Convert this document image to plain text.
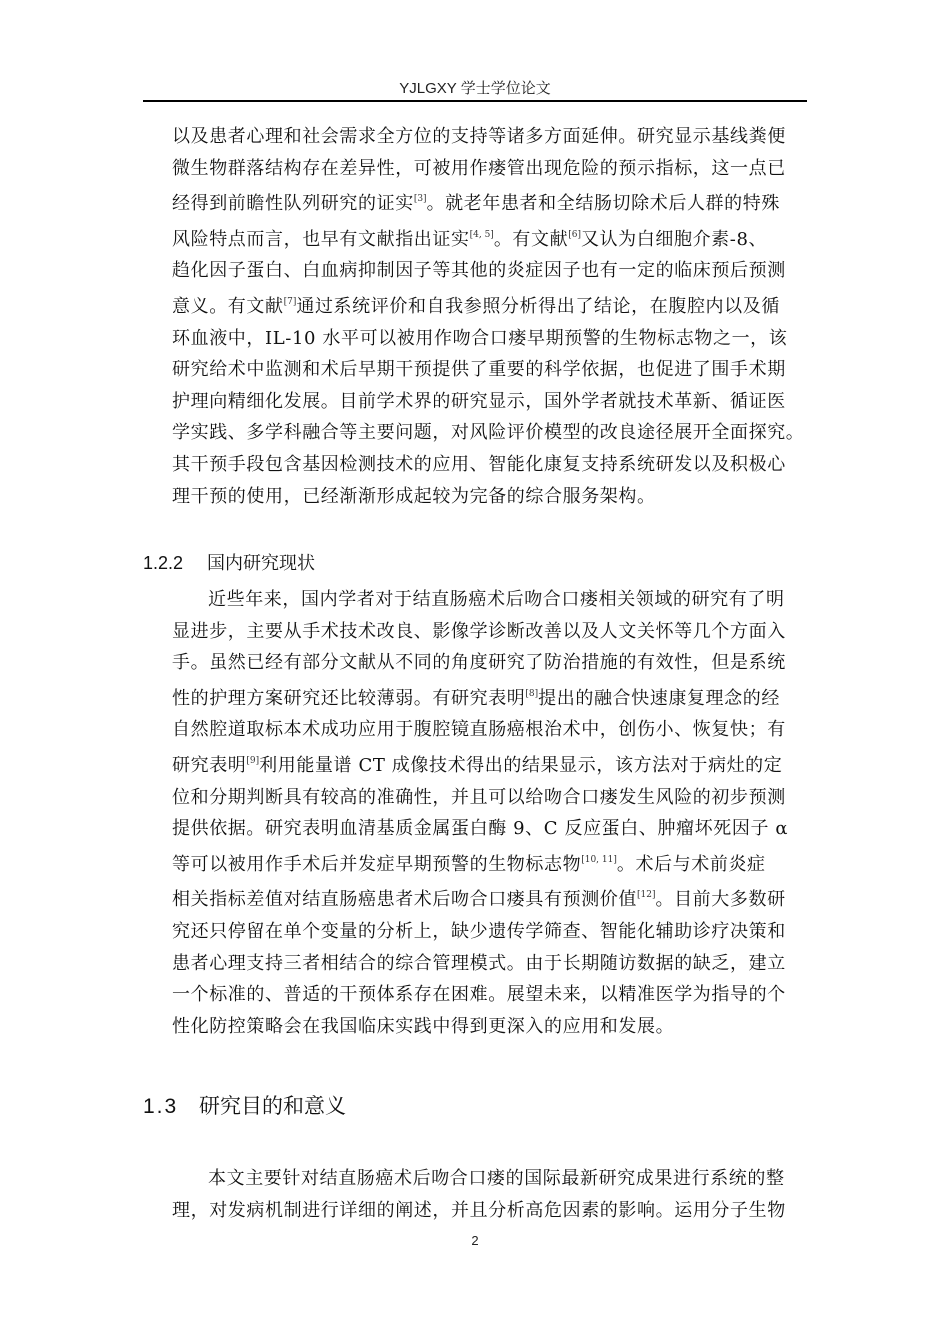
YJLGXY 学士学位论文
以及患者心理和社会需求全方位的支持等诸多方面延伸。研究显示基线粪便
微生物群落结构存在差异性，可被用作瘘管出现危险的预示指标，这一点已
经得到前瞻性队列研究的证实[3]。就老年患者和全结肠切除术后人群的特殊
风险特点而言，也早有文献指出证实[4, 5]。有文献[6]又认为白细胞介素-8、
趋化因子蛋白、白血病抑制因子等其他的炎症因子也有一定的临床预后预测
意义。有文献[7]通过系统评价和自我参照分析得出了结论，在腹腔内以及循
环血液中，IL-10 水平可以被用作吻合口瘘早期预警的生物标志物之一，该
研究给术中监测和术后早期干预提供了重要的科学依据，也促进了围手术期
护理向精细化发展。目前学术界的研究显示，国外学者就技术革新、循证医
学实践、多学科融合等主要问题，对风险评价模型的改良途径展开全面探究。
其干预手段包含基因检测技术的应用、智能化康复支持系统研发以及积极心
理干预的使用，已经渐渐形成起较为完备的综合服务架构。
1.2.2 国内研究现状
近些年来，国内学者对于结直肠癌术后吻合口瘘相关领域的研究有了明
显进步，主要从手术技术改良、影像学诊断改善以及人文关怀等几个方面入
手。虽然已经有部分文献从不同的角度研究了防治措施的有效性，但是系统
性的护理方案研究还比较薄弱。有研究表明[8]提出的融合快速康复理念的经
自然腔道取标本术成功应用于腹腔镜直肠癌根治术中，创伤小、恢复快；有
研究表明[9]利用能量谱 CT 成像技术得出的结果显示，该方法对于病灶的定
位和分期判断具有较高的准确性，并且可以给吻合口瘘发生风险的初步预测
提供依据。研究表明血清基质金属蛋白酶 9、C 反应蛋白、肿瘤坏死因子 α
等可以被用作手术后并发症早期预警的生物标志物[10, 11]。术后与术前炎症
相关指标差值对结直肠癌患者术后吻合口瘘具有预测价值[12]。目前大多数研
究还只停留在单个变量的分析上，缺少遗传学筛查、智能化辅助诊疗决策和
患者心理支持三者相结合的综合管理模式。由于长期随访数据的缺乏，建立
一个标准的、普适的干预体系存在困难。展望未来，以精准医学为指导的个
性化防控策略会在我国临床实践中得到更深入的应用和发展。
1.3 研究目的和意义
本文主要针对结直肠癌术后吻合口瘘的国际最新研究成果进行系统的整
理，对发病机制进行详细的阐述，并且分析高危因素的影响。运用分子生物
2
